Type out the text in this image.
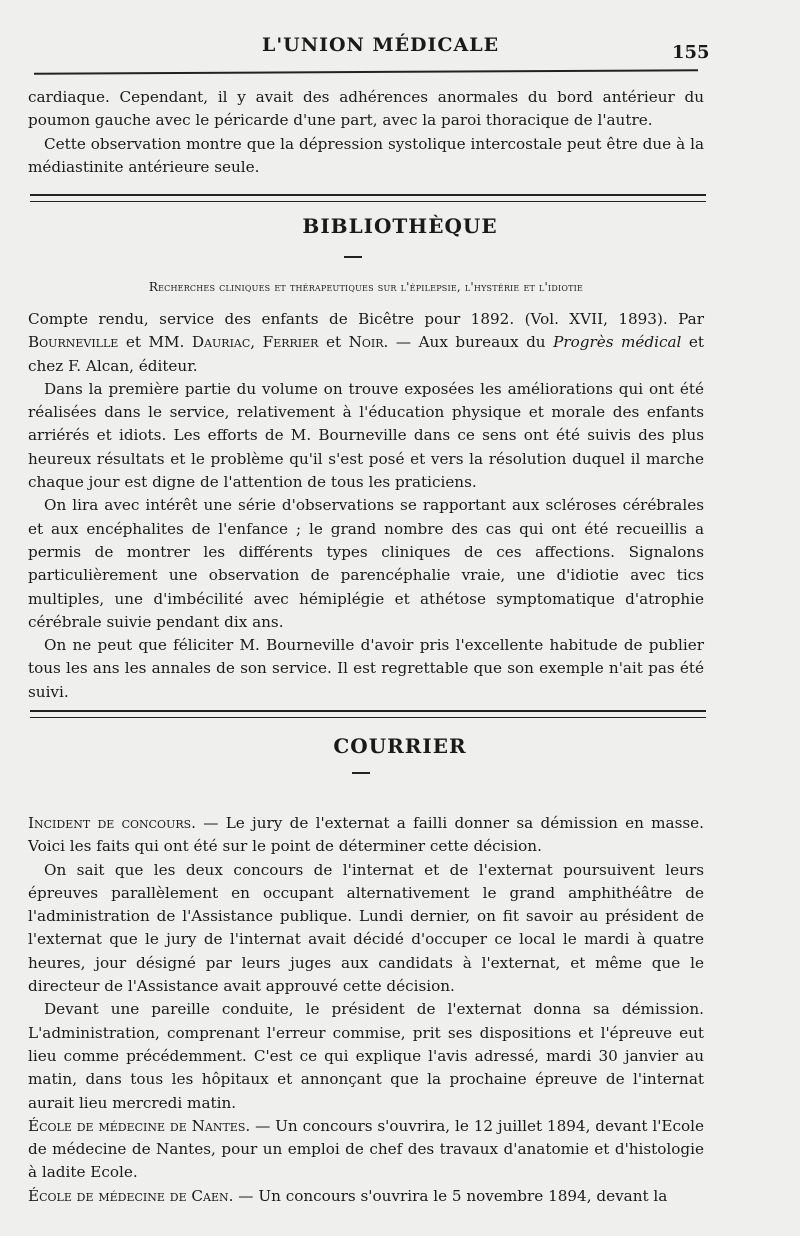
L'UNION MÉDICALE	155

cardiaque. Cependant, il y avait des adhérences anormales du bord antérieur du poumon gauche avec le péricarde d'une part, avec la paroi thoracique de l'autre.

Cette observation montre que la dépression systolique intercostale peut être due à la médiastinite antérieure seule.

BIBLIOTHÈQUE
Recherches cliniques et thérapeutiques sur l'épilepsie, l'hystérie et l'idiotie

Compte rendu, service des enfants de Bicêtre pour 1892. (Vol. XVII, 1893). Par Bourneville et MM. Dauriac, Ferrier et Noir. — Aux bureaux du Progrès médical et chez F. Alcan, éditeur.

Dans la première partie du volume on trouve exposées les améliorations qui ont été réalisées dans le service, relativement à l'éducation physique et morale des enfants arriérés et idiots. Les efforts de M. Bourneville dans ce sens ont été suivis des plus heureux résultats et le problème qu'il s'est posé et vers la résolution duquel il marche chaque jour est digne de l'attention de tous les praticiens.

On lira avec intérêt une série d'observations se rapportant aux scléroses cérébrales et aux encéphalites de l'enfance ; le grand nombre des cas qui ont été recueillis a permis de montrer les différents types cliniques de ces affections. Signalons particulièrement une observation de parencéphalie vraie, une d'idiotie avec tics multiples, une d'imbécilité avec hémiplégie et athétose symptomatique d'atrophie cérébrale suivie pendant dix ans.

On ne peut que féliciter M. Bourneville d'avoir pris l'excellente habitude de publier tous les ans les annales de son service. Il est regrettable que son exemple n'ait pas été suivi.

COURRIER

Incident de concours. — Le jury de l'externat a failli donner sa démission en masse. Voici les faits qui ont été sur le point de déterminer cette décision.

On sait que les deux concours de l'internat et de l'externat poursuivent leurs épreuves parallèlement en occupant alternativement le grand amphithéâtre de l'administration de l'Assistance publique. Lundi dernier, on fit savoir au président de l'externat que le jury de l'internat avait décidé d'occuper ce local le mardi à quatre heures, jour désigné par leurs juges aux candidats à l'externat, et même que le directeur de l'Assistance avait approuvé cette décision.

Devant une pareille conduite, le président de l'externat donna sa démission. L'administration, comprenant l'erreur commise, prit ses dispositions et l'épreuve eut lieu comme précédemment. C'est ce qui explique l'avis adressé, mardi 30 janvier au matin, dans tous les hôpitaux et annonçant que la prochaine épreuve de l'internat aurait lieu mercredi matin.

École de médecine de Nantes. — Un concours s'ouvrira, le 12 juillet 1894, devant l'Ecole de médecine de Nantes, pour un emploi de chef des travaux d'anatomie et d'histologie à ladite Ecole.

École de médecine de Caen. — Un concours s'ouvrira le 5 novembre 1894, devant la
